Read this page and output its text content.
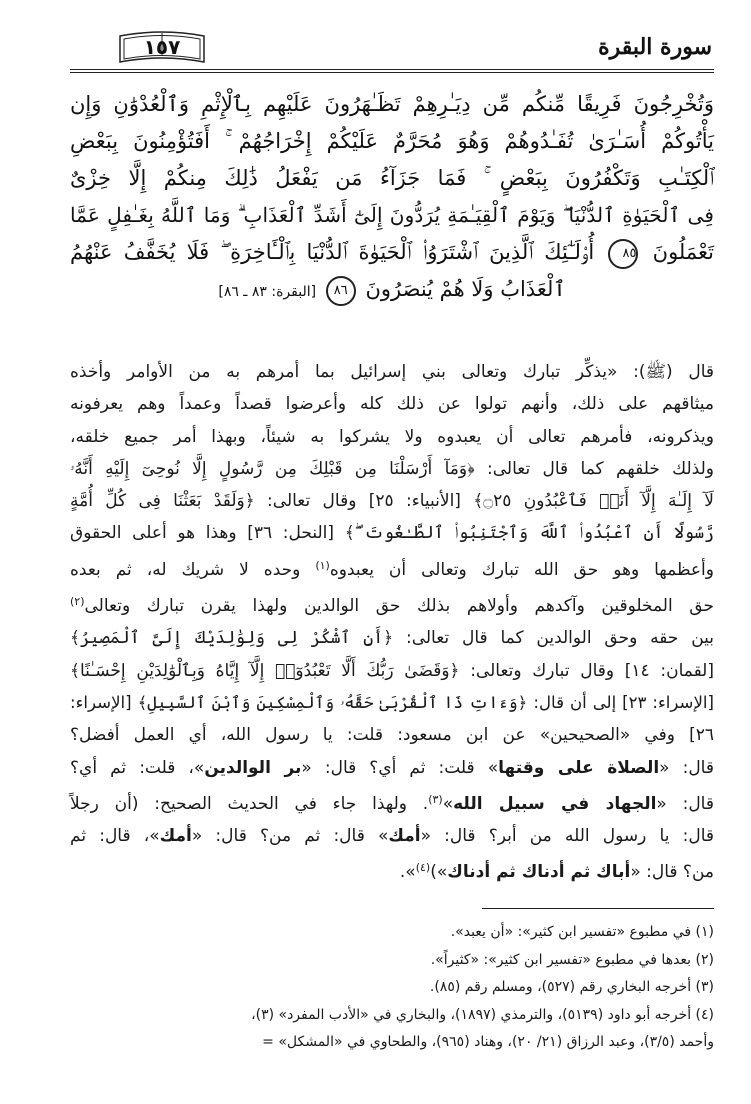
سورة البقرة
١٥٧
وَتُخْرِجُونَ فَرِيقًا مِّنكُم مِّن دِيَـٰرِهِمْ تَظَـٰهَرُونَ عَلَيْهِم بِٱلْإِثْمِ وَٱلْعُدْوَٰنِ وَإِن
يَأْتُوكُمْ أُسَـٰرَىٰ تُفَـٰدُوهُمْ وَهُوَ مُحَرَّمٌ عَلَيْكُمْ إِخْرَاجُهُمْ ۚ أَفَتُؤْمِنُونَ بِبَعْضِ
ٱلْكِتَـٰبِ وَتَكْفُرُونَ بِبَعْضٍ ۚ فَمَا جَزَآءُ مَن يَفْعَلُ ذَٰلِكَ مِنكُمْ إِلَّا خِزْىٌ
فِى ٱلْحَيَوٰةِ ٱلدُّنْيَا ۖ وَيَوْمَ ٱلْقِيَـٰمَةِ يُرَدُّونَ إِلَىٰٓ أَشَدِّ ٱلْعَذَابِ ۗ وَمَا ٱللَّهُ بِغَـٰفِلٍ عَمَّا
تَعْمَلُونَ ٨٥ أُو۟لَـٰٓئِكَ ٱلَّذِينَ ٱشْتَرَوُا۟ ٱلْحَيَوٰةَ ٱلدُّنْيَا بِٱلْـَٔاخِرَةِ ۖ فَلَا يُخَفَّفُ عَنْهُمُ
ٱلْعَذَابُ وَلَا هُمْ يُنصَرُونَ ٨٦ [البقرة: ٨٣ ـ ٨٦]
قال (ﷺ): «يذكِّر تبارك وتعالى بني إسرائيل بما أمرهم به من الأوامر وأخذه
ميثاقهم على ذلك، وأنهم تولوا عن ذلك كله وأعرضوا قصداً وعمداً وهم يعرفونه
ويذكرونه، فأمرهم تعالى أن يعبدوه ولا يشركوا به شيئاً، وبهذا أمر جميع خلقه،
ولذلك خلقهم كما قال تعالى: ﴿وَمَآ أَرْسَلْنَا مِن قَبْلِكَ مِن رَّسُولٍ إِلَّا نُوحِىٓ إِلَيْهِ أَنَّهُۥ
لَآ إِلَـٰهَ إِلَّآ أَنَا۠ فَٱعْبُدُونِ ۝٢٥﴾ [الأنبياء: ٢٥] وقال تعالى: ﴿وَلَقَدْ بَعَثْنَا فِى كُلِّ أُمَّةٍ
رَّسُولًا أَنِ ٱعْبُدُوا۟ ٱللَّهَ وَٱجْتَنِبُوا۟ ٱلطَّـٰغُوتَ ۖ﴾ [النحل: ٣٦] وهذا هو أعلى الحقوق
وأعظمها وهو حق الله تبارك وتعالى أن يعبدوه$^{(١)}$ وحده لا شريك له، ثم بعده
حق المخلوقين وآكدهم وأولاهم بذلك حق الوالدين ولهذا يقرن تبارك وتعالى$^{(٢)}$
بين حقه وحق الوالدين كما قال تعالى: ﴿أَنِ ٱشْكُرْ لِى وَلِوَٰلِدَيْكَ إِلَىَّ ٱلْمَصِيرُ﴾
[لقمان: ١٤] وقال تبارك وتعالى: ﴿وَقَضَىٰ رَبُّكَ أَلَّا تَعْبُدُوٓا۟ إِلَّآ إِيَّاهُ وَبِٱلْوَٰلِدَيْنِ إِحْسَـٰنًا﴾
[الإسراء: ٢٣] إلى أن قال: ﴿وَءَاتِ ذَا ٱلْقُرْبَىٰ حَقَّهُۥ وَٱلْمِسْكِينَ وَٱبْنَ ٱلسَّبِيلِ﴾ [الإسراء:
٢٦] وفي «الصحيحين» عن ابن مسعود: قلت: يا رسول الله، أي العمل أفضل؟
قال: «الصلاة على وقتها» قلت: ثم أي؟ قال: «بر الوالدين»، قلت: ثم أي؟
قال: «الجهاد في سبيل الله»$^{(٣)}$. ولهذا جاء في الحديث الصحيح: (أن رجلاً
قال: يا رسول الله من أبر؟ قال: «أمك» قال: ثم من؟ قال: «أمك»، قال: ثم
من؟ قال: «أباك ثم أدناك ثم أدناك»)$^{(٤)}$».
(١) في مطبوع «تفسير ابن كثير»: «أن يعبد».
(٢) بعدها في مطبوع «تفسير ابن كثير»: «كثيراً».
(٣) أخرجه البخاري رقم (٥٢٧)، ومسلم رقم (٨٥).
(٤) أخرجه أبو داود (٥١٣٩)، والترمذي (١٨٩٧)، والبخاري في «الأدب المفرد» (٣)،
وأحمد (٣/٥)، وعبد الرزاق (٢١/ ٢٠)، وهناد (٩٦٥)، والطحاوي في «المشكل» =
